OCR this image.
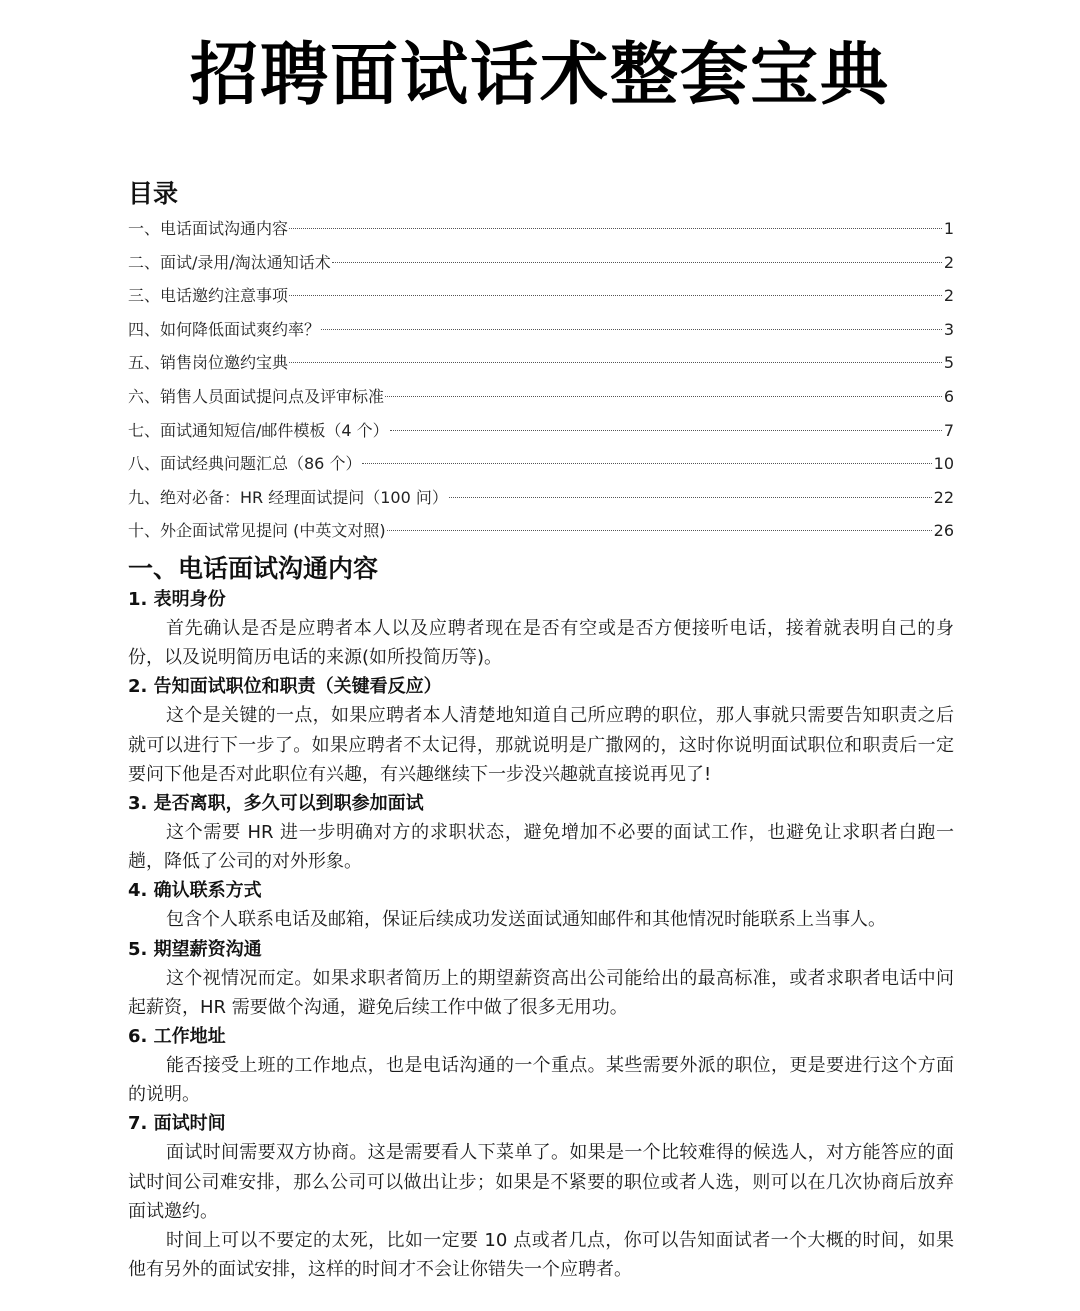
招聘面试话术整套宝典
目录
一、电话面试沟通内容	1
二、面试/录用/淘汰通知话术	2
三、电话邀约注意事项	2
四、如何降低面试爽约率？	3
五、销售岗位邀约宝典	5
六、销售人员面试提问点及评审标准	6
七、面试通知短信/邮件模板（4 个）	7
八、面试经典问题汇总（86 个）	10
九、绝对必备：HR 经理面试提问（100 问）	22
十、外企面试常见提问 (中英文对照)	26
一、电话面试沟通内容
1. 表明身份

首先确认是否是应聘者本人以及应聘者现在是否有空或是否方便接听电话，接着就表明自己的身份，以及说明简历电话的来源(如所投简历等)。

2. 告知面试职位和职责（关键看反应）

这个是关键的一点，如果应聘者本人清楚地知道自己所应聘的职位，那人事就只需要告知职责之后就可以进行下一步了。如果应聘者不太记得，那就说明是广撒网的，这时你说明面试职位和职责后一定要问下他是否对此职位有兴趣，有兴趣继续下一步没兴趣就直接说再见了!

3. 是否离职，多久可以到职参加面试

这个需要 HR 进一步明确对方的求职状态，避免增加不必要的面试工作，也避免让求职者白跑一趟，降低了公司的对外形象。

4. 确认联系方式

包含个人联系电话及邮箱，保证后续成功发送面试通知邮件和其他情况时能联系上当事人。

5. 期望薪资沟通

这个视情况而定。如果求职者简历上的期望薪资高出公司能给出的最高标准，或者求职者电话中问起薪资，HR 需要做个沟通，避免后续工作中做了很多无用功。

6. 工作地址

能否接受上班的工作地点，也是电话沟通的一个重点。某些需要外派的职位，更是要进行这个方面的说明。

7. 面试时间

面试时间需要双方协商。这是需要看人下菜单了。如果是一个比较难得的候选人，对方能答应的面试时间公司难安排，那么公司可以做出让步；如果是不紧要的职位或者人选，则可以在几次协商后放弃面试邀约。

时间上可以不要定的太死，比如一定要 10 点或者几点，你可以告知面试者一个大概的时间，如果他有另外的面试安排，这样的时间才不会让你错失一个应聘者。
